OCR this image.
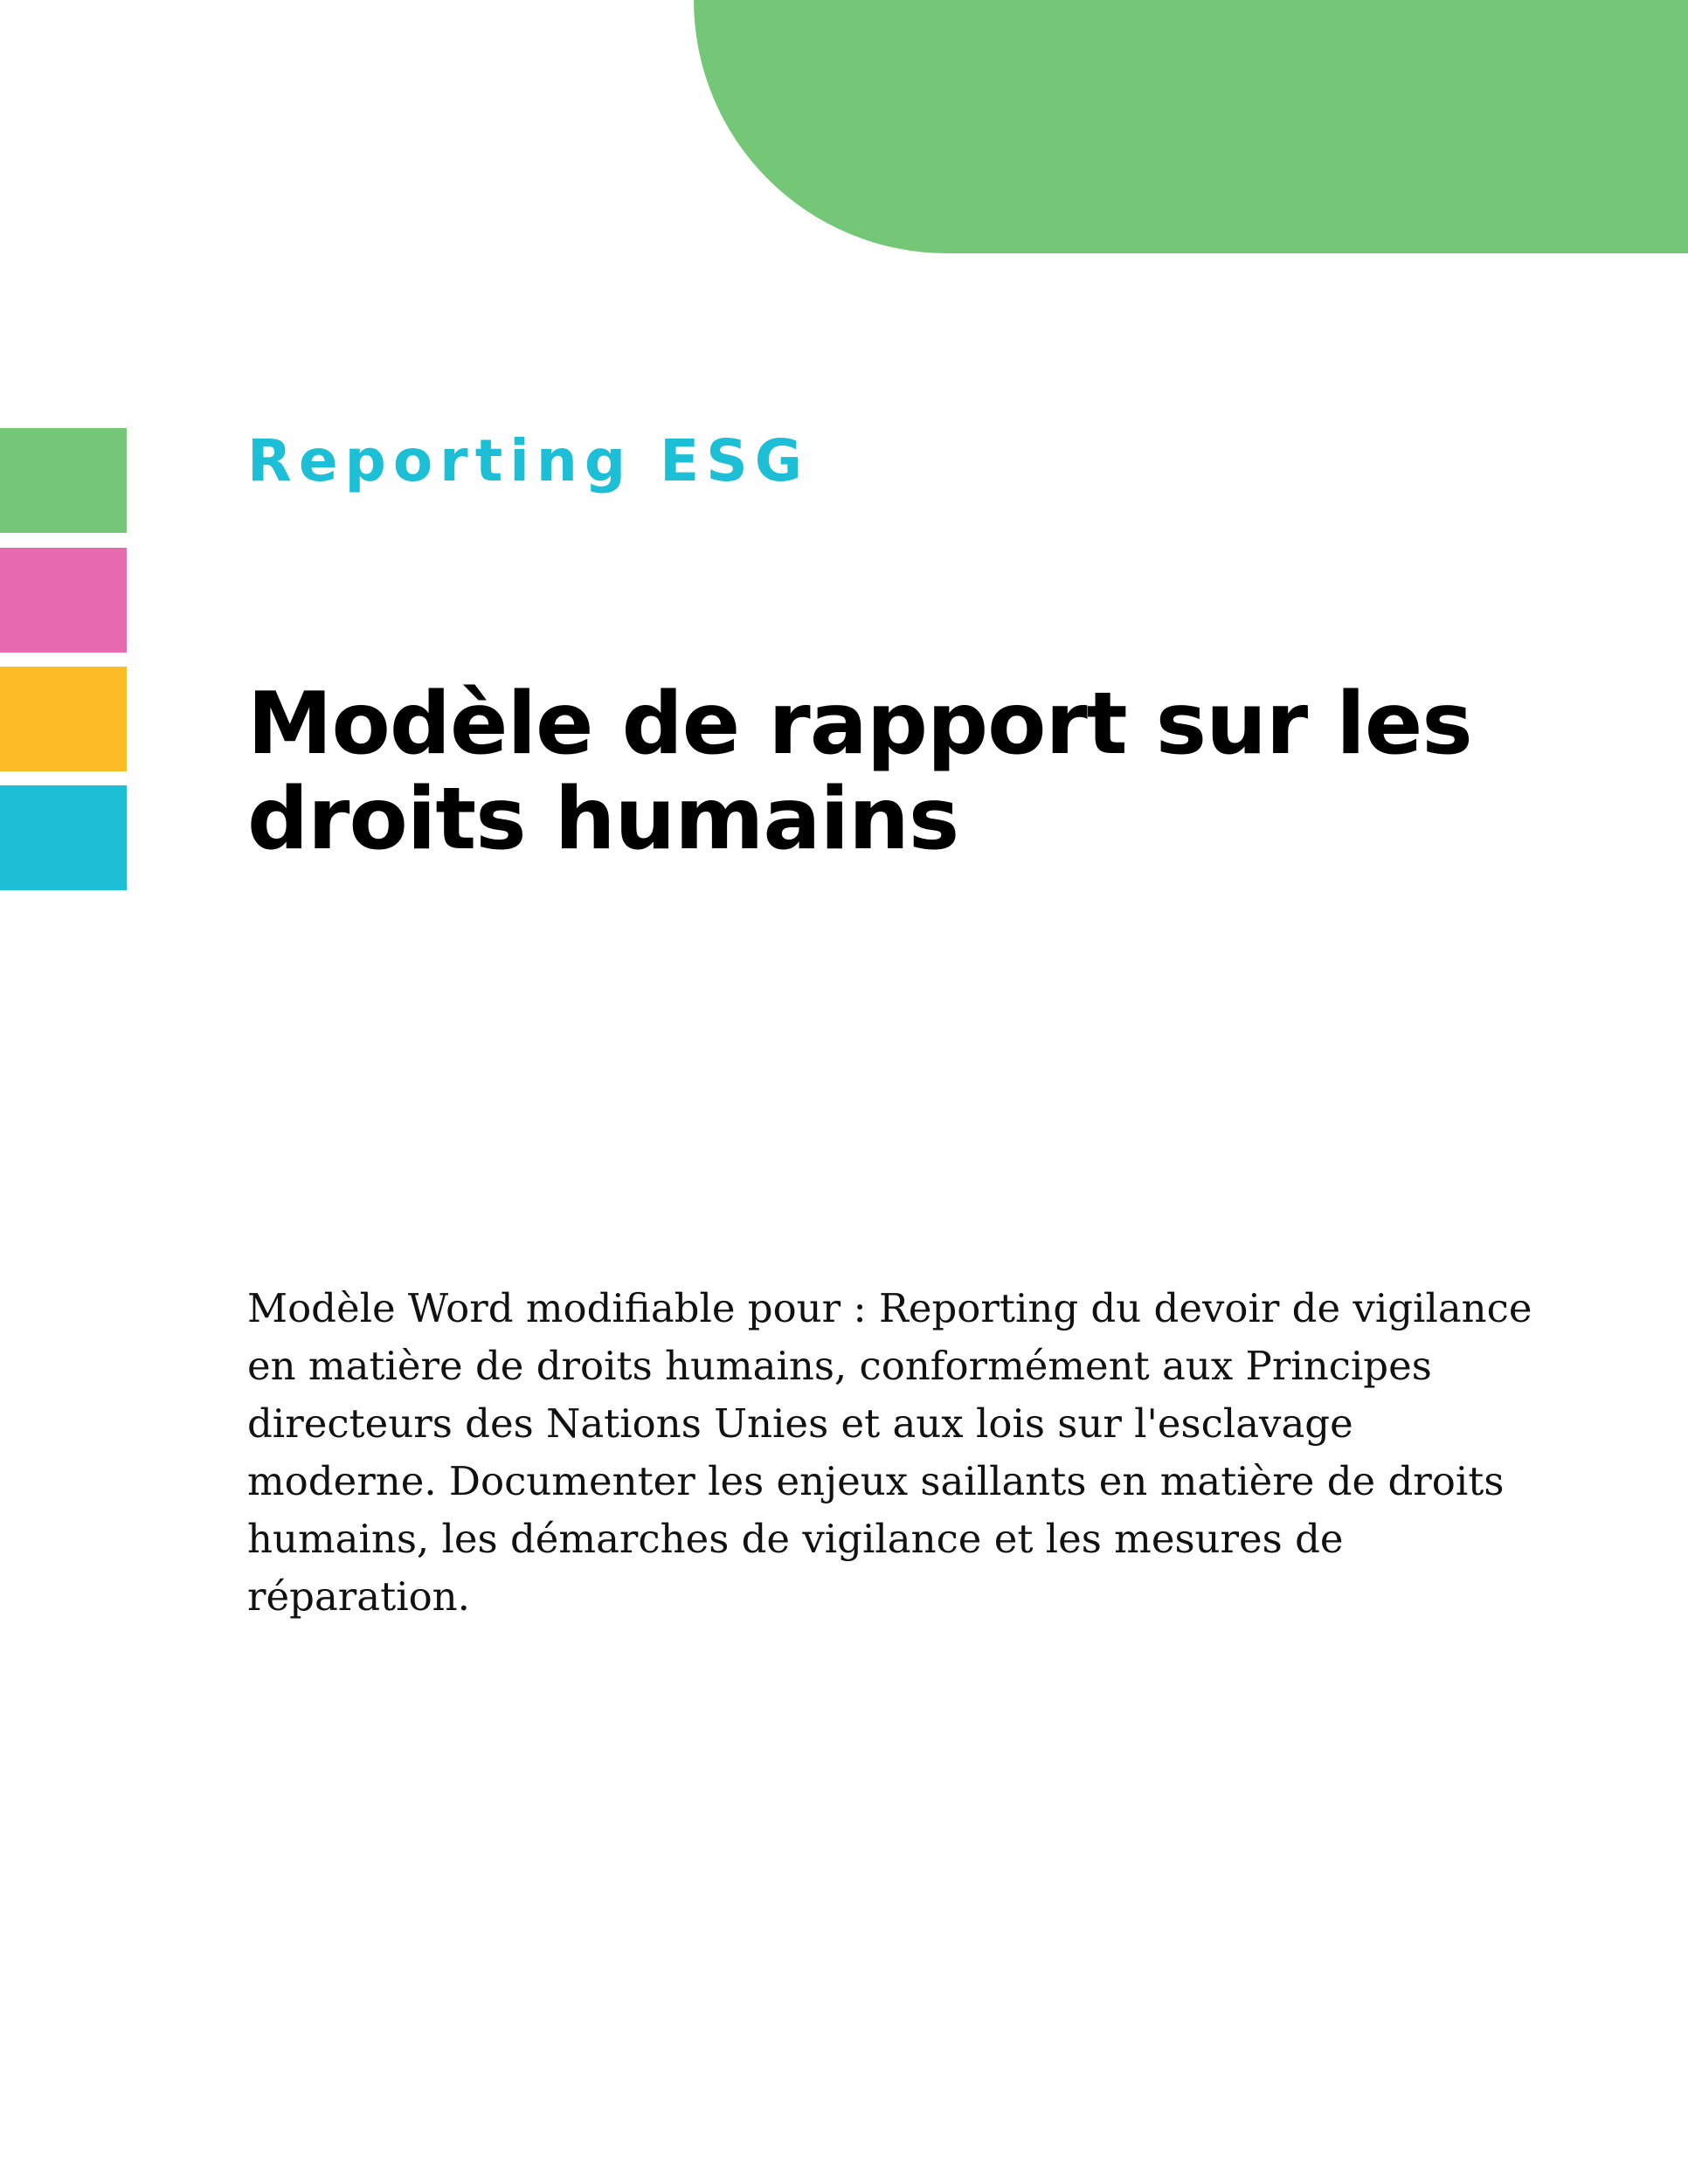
Reporting ESG

Modèle de rapport sur les droits humains

Modèle Word modifiable pour : Reporting du devoir de vigilance en matière de droits humains, conformément aux Principes directeurs des Nations Unies et aux lois sur l'esclavage moderne. Documenter les enjeux saillants en matière de droits humains, les démarches de vigilance et les mesures de réparation.
